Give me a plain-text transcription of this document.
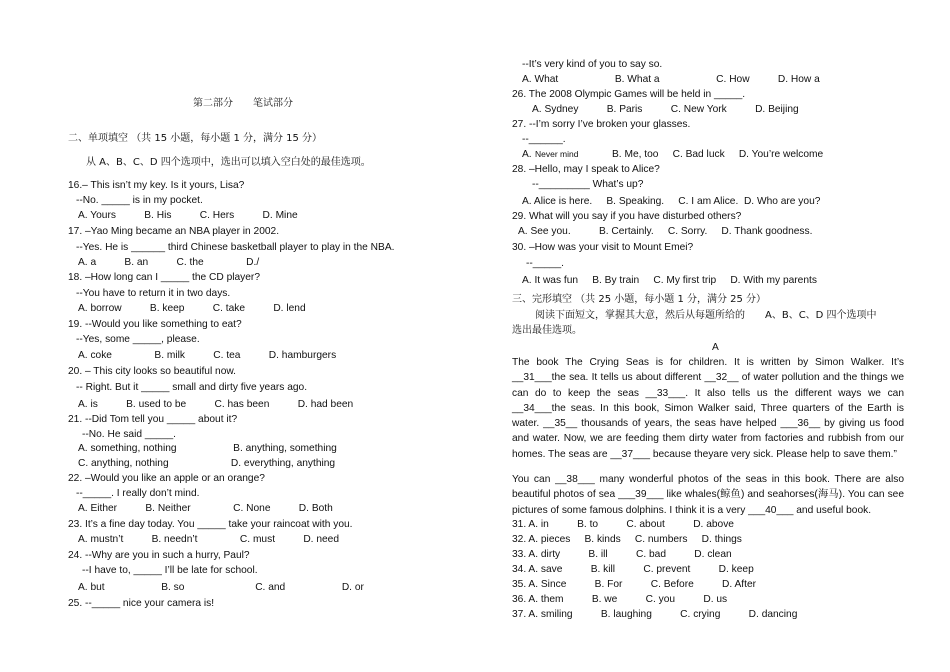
第二部分　　笔试部分
二、单项填空 （共 15 小题，每小题 1 分，满分 15 分）
从 A、B、C、D 四个选项中，选出可以填入空白处的最佳选项。
16.– This isn’t my key. Is it yours, Lisa?
--No. _____ is in my pocket.
A. Yours          B. His          C. Hers          D. Mine
17. –Yao Ming became an NBA player in 2002.
--Yes. He is ______ third Chinese basketball player to play in the NBA.
A. a          B. an          C. the               D./
18. –How long can I _____ the CD player?
--You have to return it in two days.
A. borrow          B. keep          C. take          D. lend
19. --Would you like something to eat?
--Yes, some _____, please.
A. coke               B. milk          C. tea          D. hamburgers
20. – This city looks so beautiful now.
-- Right. But it _____ small and dirty five years ago.
A. is          B. used to be          C. has been          D. had been
21. --Did Tom tell you _____ about it?
--No. He said _____.
A. something, nothing                    B. anything, something
C. anything, nothing                      D. everything, anything
22. –Would you like an apple or an orange?
--_____. I really don’t mind.
A. Either          B. Neither               C. None          D. Both
23. It’s a fine day today. You _____ take your raincoat with you.
A. mustn’t          B. needn’t               C. must          D. need
24. --Why are you in such a hurry, Paul?
--I have to, _____ I’ll be late for school.
A. but                    B. so                         C. and                    D. or
25. --_____ nice your camera is!
--It’s very kind of you to say so.
A. What                    B. What a                    C. How          D. How a
26. The 2008 Olympic Games will be held in _____.
A. Sydney          B. Paris          C. New York          D. Beijing
27. --I’m sorry I’ve broken your glasses.
--______.
A. Never mind	B. Me, too     C. Bad luck     D. You’re welcome
28. –Hello, may I speak to Alice?
--_________ What’s up?
A. Alice is here.     B. Speaking.     C. I am Alice.  D. Who are you?
29. What will you say if you have disturbed others?
A. See you.          B. Certainly.     C. Sorry.     D. Thank goodness.
30. –How was your visit to Mount Emei?
--_____.
A. It was fun     B. By train     C. My first trip     D. With my parents
三、完形填空 （共 25 小题，每小题 1 分，满分 25 分）
阅读下面短文，掌握其大意，然后从每题所给的　　A、B、C、D 四个选项中
选出最佳选项。
A
31. A. in          B. to          C. about          D. above
32. A. pieces     B. kinds     C. numbers     D. things
33. A. dirty          B. ill          C. bad          D. clean
34. A. save          B. kill          C. prevent          D. keep
35. A. Since          B. For          C. Before          D. After
36. A. them          B. we          C. you          D. us
37. A. smiling          B. laughing          C. crying          D. dancing
The book The Crying Seas is for children. It is written by Simon Walker. It’s __31___the sea. It tells us about different __32__ of water pollution and the things we can do to keep the seas __33___. It also tells us the different ways we can __34___the seas. In this book, Simon Walker said, Three quarters of the Earth is water. __35__ thousands of years, the seas have helped ___36__ by giving us food and water. Now, we are feeding them dirty water from factories and rubbish from our homes. The seas are __37___ because theyare very sick. Please help to save them.”
You can __38___ many wonderful photos of the seas in this book. There are also beautiful photos of sea ___39___ like whales(鲸鱼) and seahorses(海马). You can see pictures of some famous dolphins. I think it is a very ___40___ and useful book.
